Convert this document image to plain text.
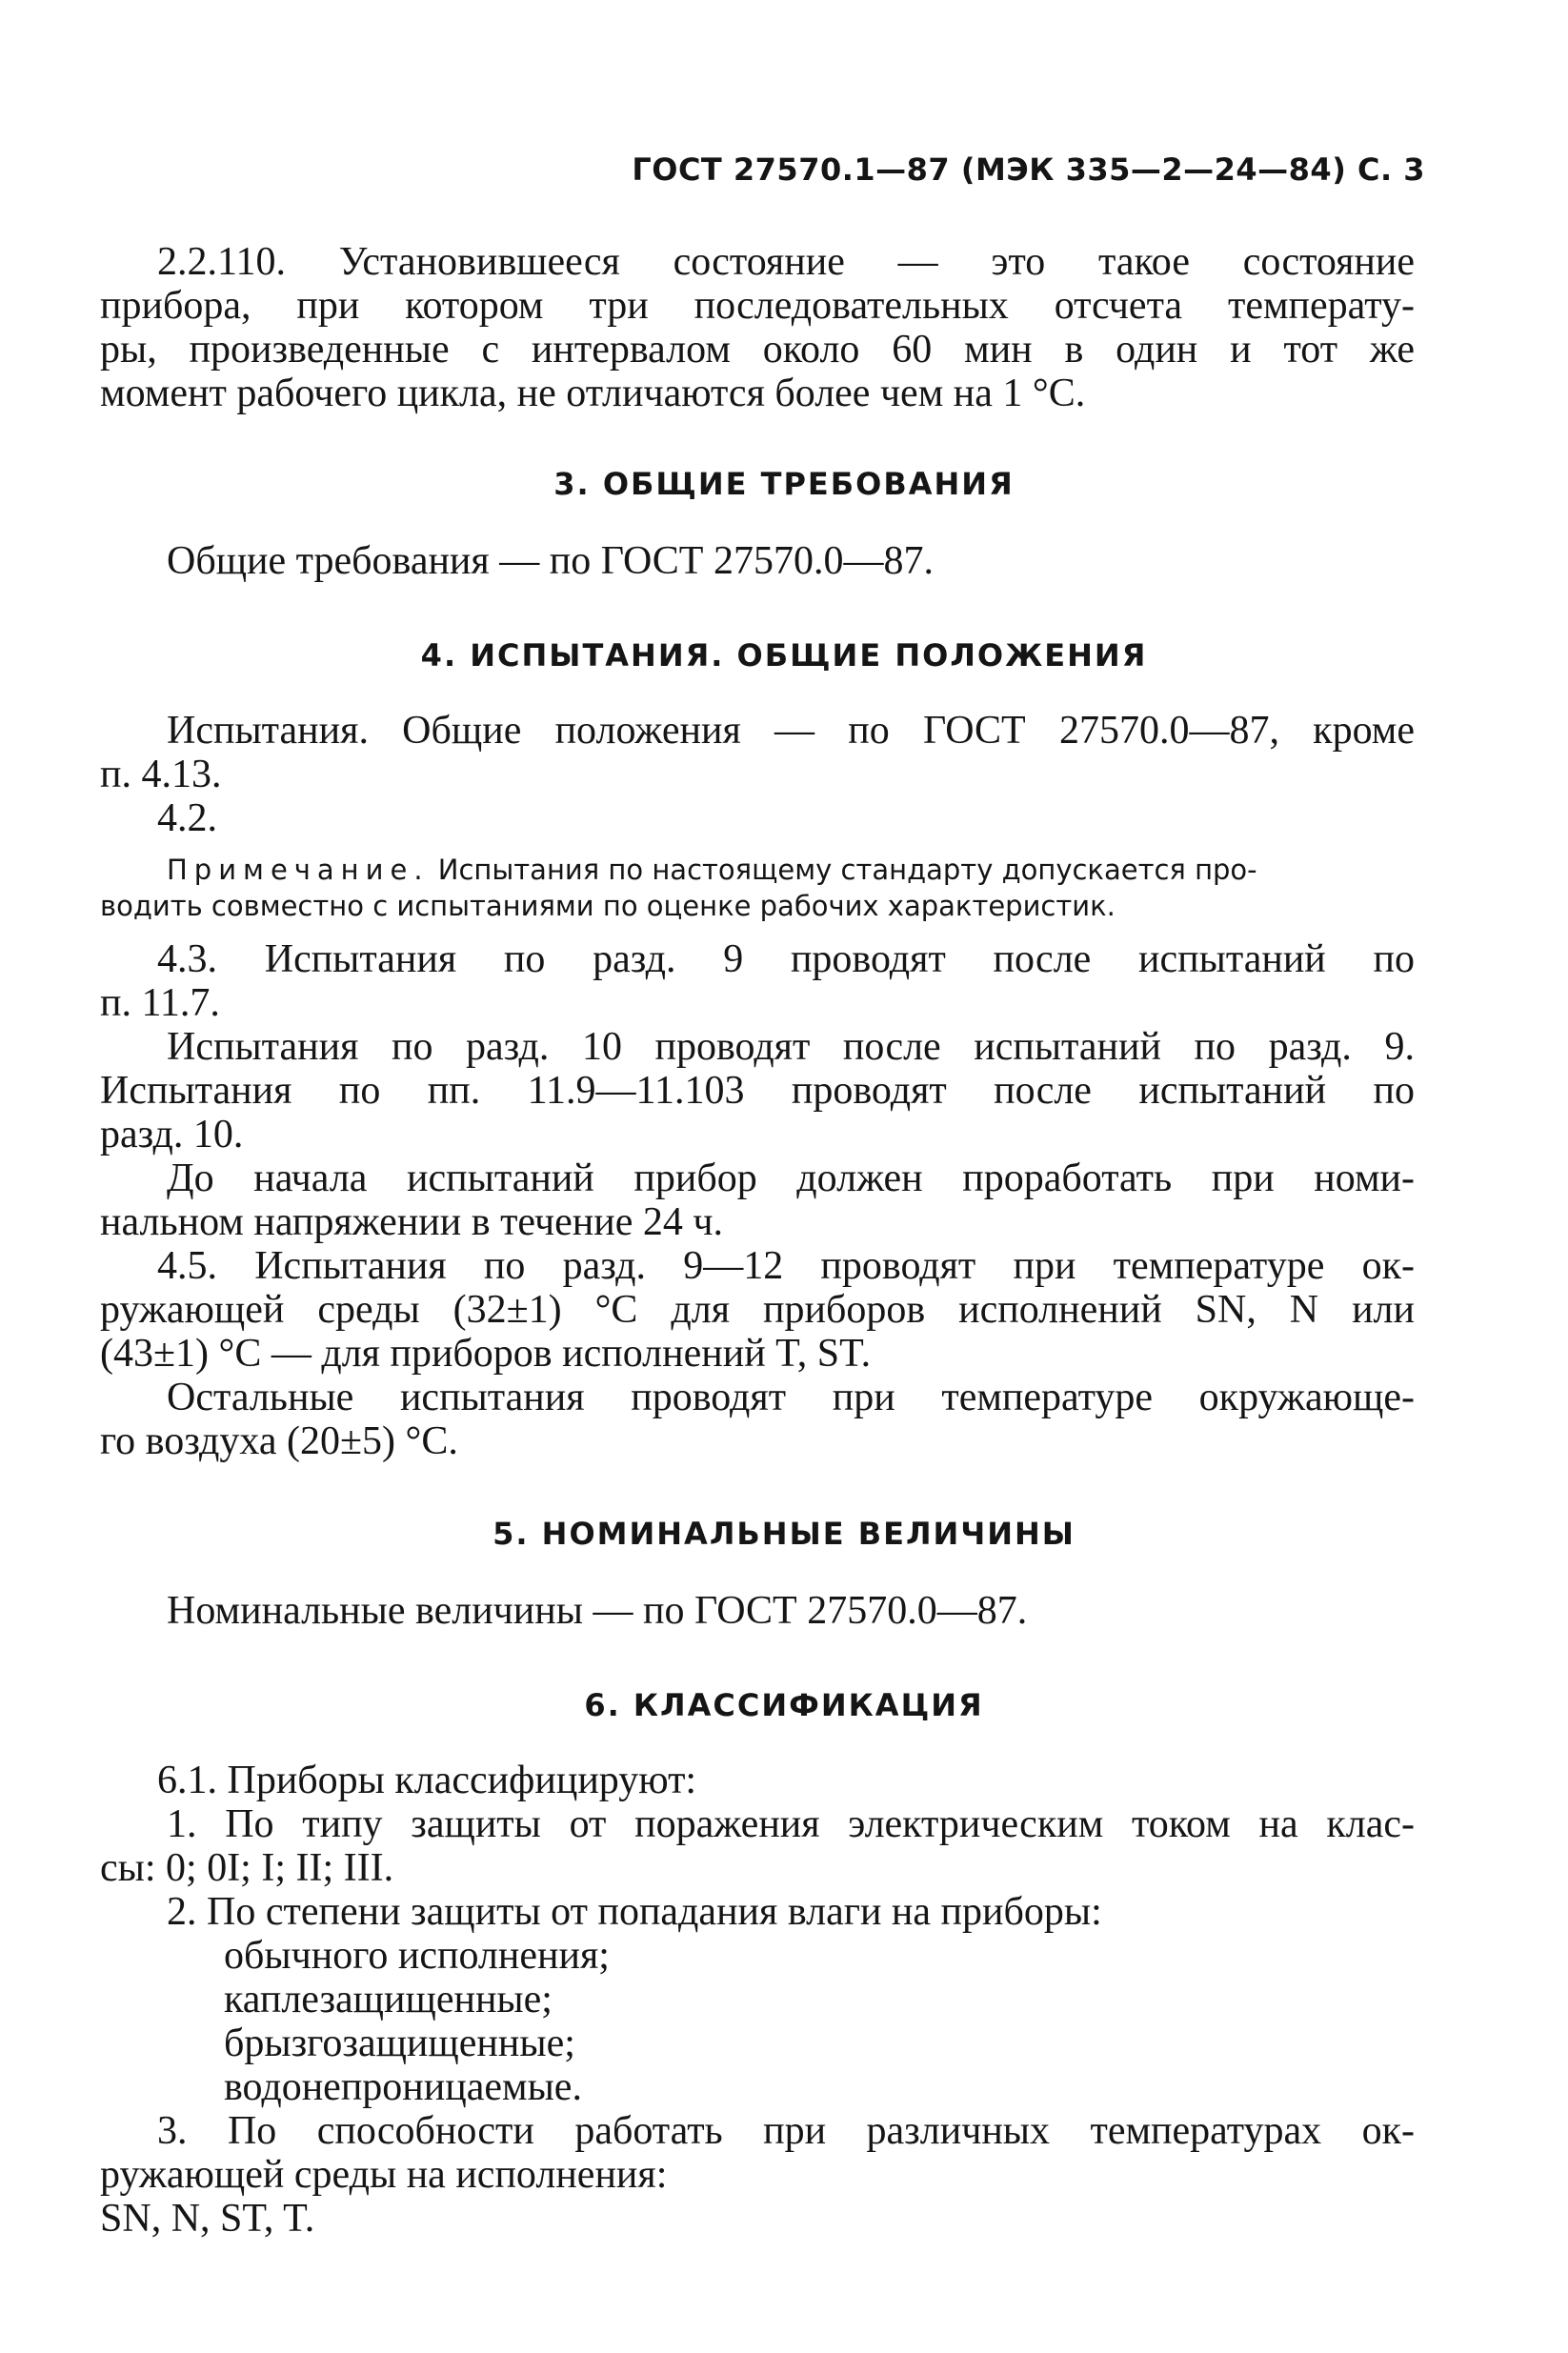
ГОСТ 27570.1—87 (МЭК 335—2—24—84) С. 3
2.2.110. Установившееся состояние — это такое состояние
прибора, при котором три последовательных отсчета температу-
ры, произведенные с интервалом около 60 мин в один и тот же
момент рабочего цикла, не отличаются более чем на 1 °С.
3. ОБЩИЕ ТРЕБОВАНИЯ
Общие требования — по ГОСТ 27570.0—87.
4. ИСПЫТАНИЯ. ОБЩИЕ ПОЛОЖЕНИЯ
Испытания. Общие положения — по ГОСТ 27570.0—87, кроме
п. 4.13.
4.2.
Примечание. Испытания по настоящему стандарту допускается про-
водить совместно с испытаниями по оценке рабочих характеристик.
4.3. Испытания по разд. 9 проводят после испытаний по
п. 11.7.
Испытания по разд. 10 проводят после испытаний по разд. 9.
Испытания по пп. 11.9—11.103 проводят после испытаний по
разд. 10.
До начала испытаний прибор должен проработать при номи-
нальном напряжении в течение 24 ч.
4.5. Испытания по разд. 9—12 проводят при температуре ок-
ружающей среды (32±1) °С для приборов исполнений SN, N или
(43±1) °С — для приборов исполнений T, ST.
Остальные испытания проводят при температуре окружающе-
го воздуха (20±5) °С.
5. НОМИНАЛЬНЫЕ ВЕЛИЧИНЫ
Номинальные величины — по ГОСТ 27570.0—87.
6. КЛАССИФИКАЦИЯ
6.1. Приборы классифицируют:
1. По типу защиты от поражения электрическим током на клас-
сы: 0; 0I; I; II; III.
2. По степени защиты от попадания влаги на приборы:
обычного исполнения;
каплезащищенные;
брызгозащищенные;
водонепроницаемые.
3. По способности работать при различных температурах ок-
ружающей среды на исполнения:
SN, N, ST, T.
